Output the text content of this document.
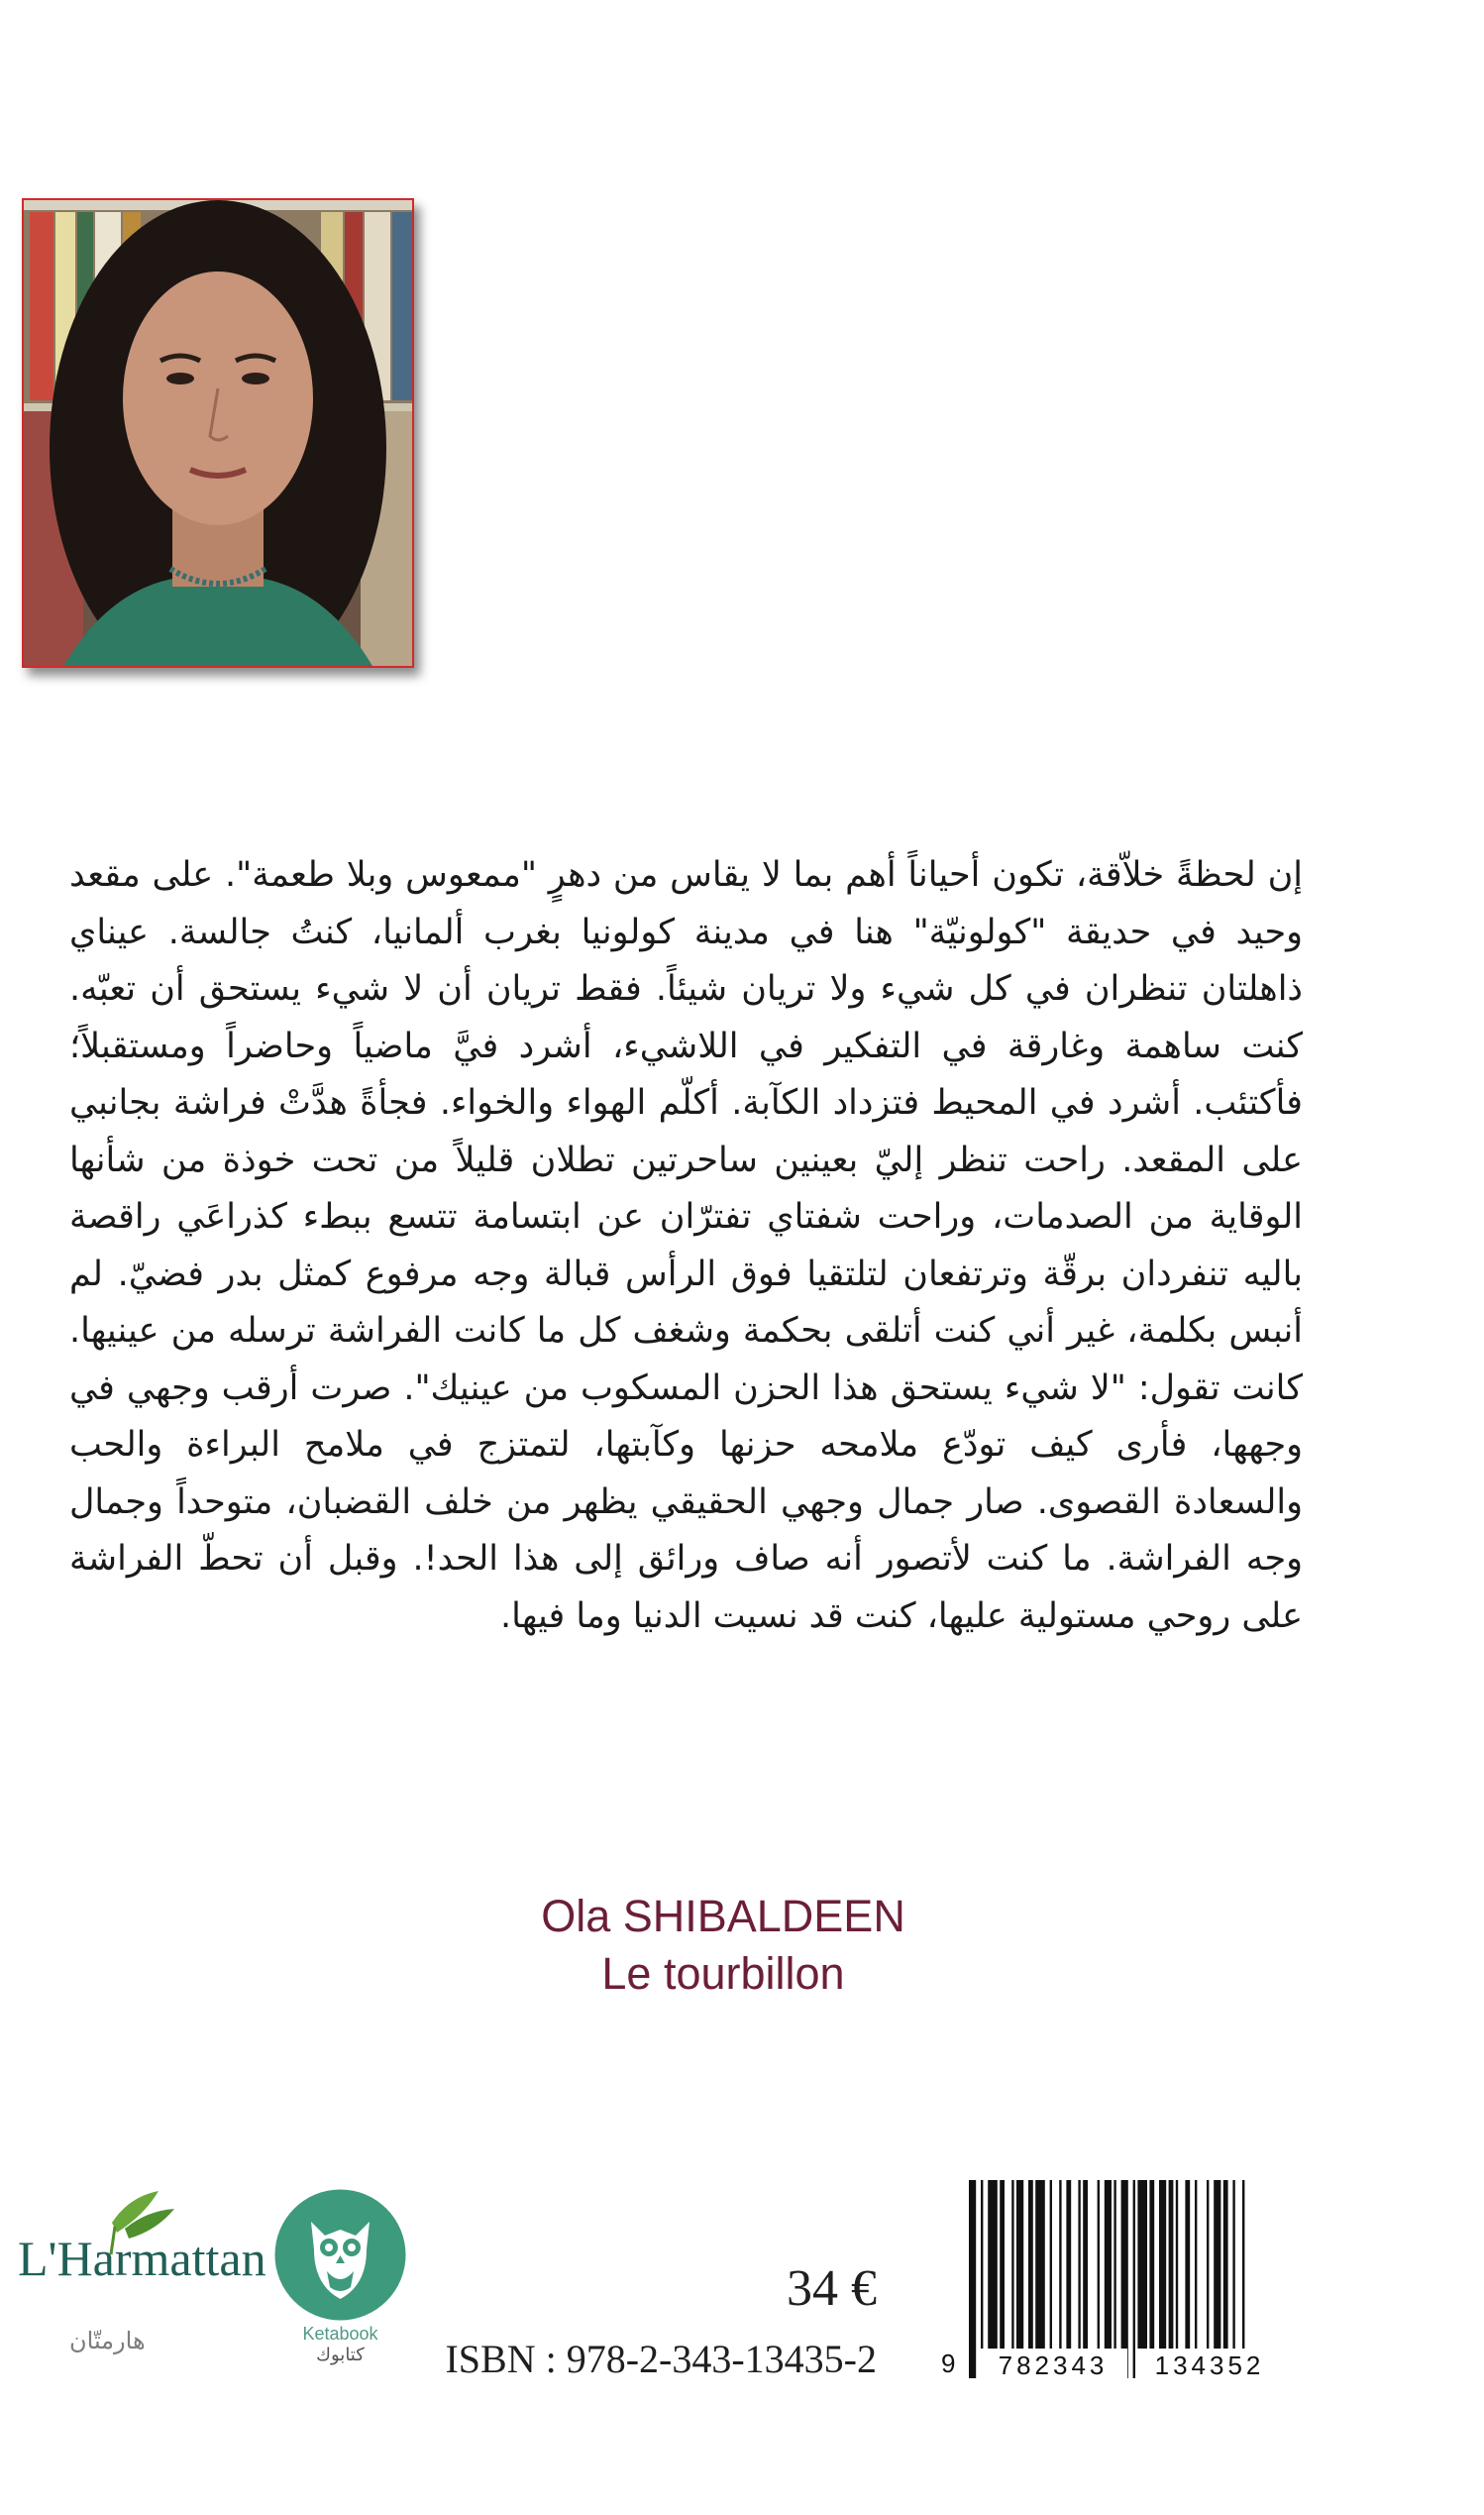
إن لحظةً خلاّقة، تكون أحياناً أهم بما لا يقاس من دهرٍ "ممعوس وبلا طعمة". على مقعد وحيد في حديقة "كولونيّة" هنا في مدينة كولونيا بغرب ألمانيا، كنتُ جالسة. عيناي ذاهلتان تنظران في كل شيء ولا تريان شيئاً. فقط تريان أن لا شيء يستحق أن تعبّه. كنت ساهمة وغارقة في التفكير في اللاشيء، أشرد فيَّ ماضياً وحاضراً ومستقبلاً؛ فأكتئب. أشرد في المحيط فتزداد الكآبة. أكلّم الهواء والخواء. فجأةً هدَّتْ فراشة بجانبي على المقعد. راحت تنظر إليّ بعينين ساحرتين تطلان قليلاً من تحت خوذة من شأنها الوقاية من الصدمات، وراحت شفتاي تفترّان عن ابتسامة تتسع ببطء كذراعَي راقصة باليه تنفردان برقّة وترتفعان لتلتقيا فوق الرأس قبالة وجه مرفوع كمثل بدر فضيّ. لم أنبس بكلمة، غير أني كنت أتلقى بحكمة وشغف كل ما كانت الفراشة ترسله من عينيها. كانت تقول: "لا شيء يستحق هذا الحزن المسكوب من عينيك". صرت أرقب وجهي في وجهها، فأرى كيف تودّع ملامحه حزنها وكآبتها، لتمتزج في ملامح البراءة والحب والسعادة القصوى. صار جمال وجهي الحقيقي يظهر من خلف القضبان، متوحداً وجمال وجه الفراشة. ما كنت لأتصور أنه صاف ورائق إلى هذا الحد!. وقبل أن تحطّ الفراشة على روحي مستولية عليها، كنت قد نسيت الدنيا وما فيها.
Ola SHIBALDEEN
Le tourbillon
L'Harmattan
هارمتّان	Ketabook
كتابوك
34 €
ISBN : 978-2-343-13435-2	9 782343 134352
